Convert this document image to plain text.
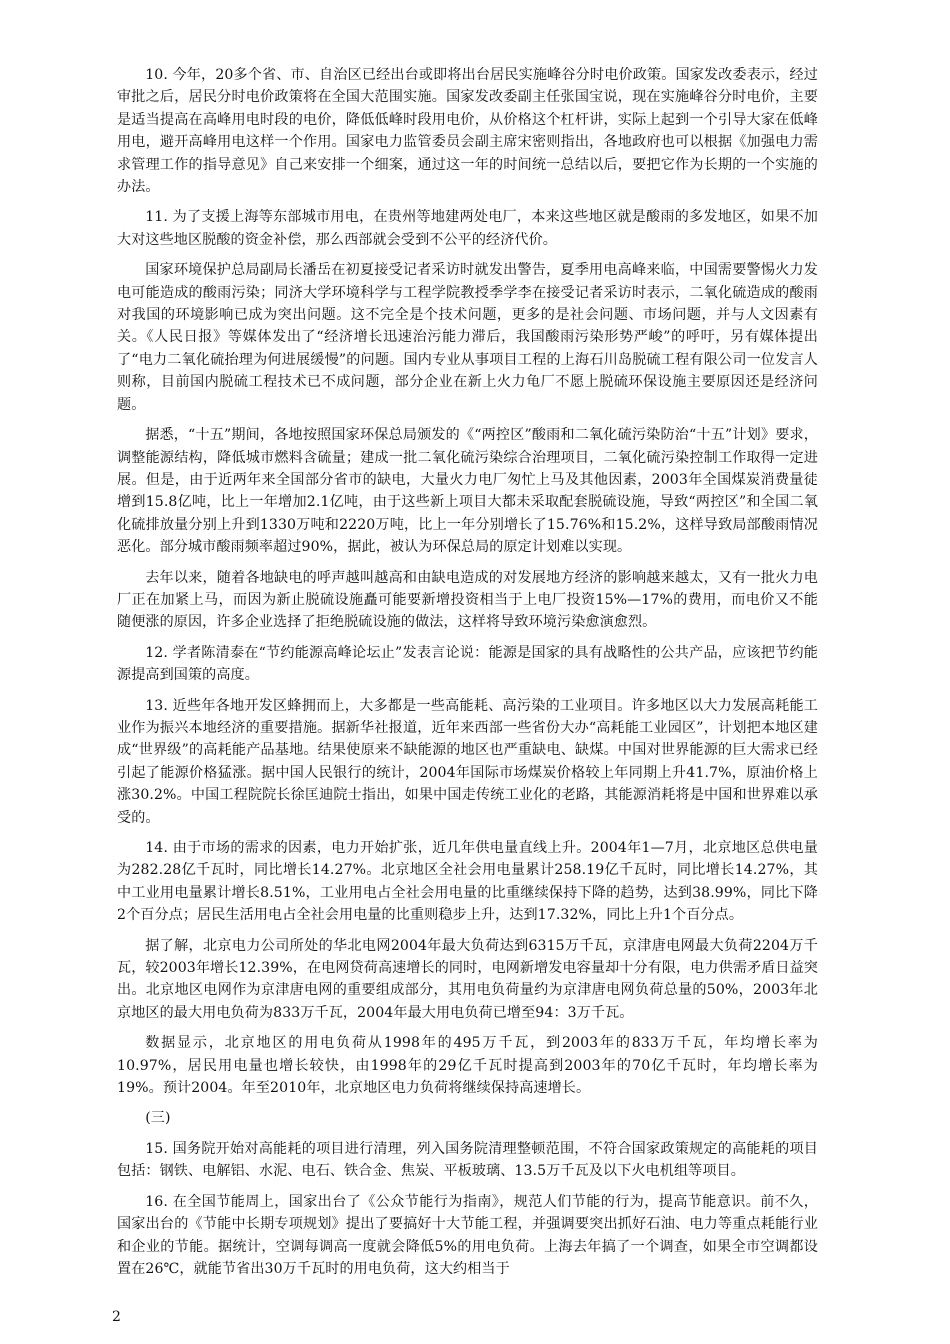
10. 今年，20多个省、市、自治区已经出台或即将出台居民实施峰谷分时电价政策。国家发改委表示，经过审批之后，居民分时电价政策将在全国大范围实施。国家发改委副主任张国宝说，现在实施峰谷分时电价，主要是适当提高在高峰用电时段的电价，降低低峰时段用电价，从价格这个杠杆讲，实际上起到一个引导大家在低峰用电，避开高峰用电这样一个作用。国家电力监管委员会副主席宋密则指出，各地政府也可以根据《加强电力需求管理工作的指导意见》自己来安排一个细案，通过这一年的时间统一总结以后，要把它作为长期的一个实施的办法。

11. 为了支援上海等东部城市用电，在贵州等地建两处电厂，本来这些地区就是酸雨的多发地区，如果不加大对这些地区脱酸的资金补偿，那么西部就会受到不公平的经济代价。

国家环境保护总局副局长潘岳在初夏接受记者采访时就发出警告，夏季用电高峰来临，中国需要警惕火力发电可能造成的酸雨污染；同济大学环境科学与工程学院教授季学李在接受记者采访时表示，二氧化硫造成的酸雨对我国的环境影响已成为突出问题。这不完全是个技术问题，更多的是社会问题、市场问题，并与人文因素有关。《人民日报》等媒体发出了“经济增长迅速治污能力滞后，我国酸雨污染形势严峻”的呼吁，另有媒体提出了“电力二氧化硫抬理为何进展缓慢”的问题。国内专业从事项目工程的上海石川岛脱硫工程有限公司一位发言人则称，目前国内脱硫工程技术已不成问题，部分企业在新上火力龟厂不愿上脱硫环保设施主要原因还是经济问题。

据悉，“十五”期间，各地按照国家环保总局颁发的《“两控区”酸雨和二氧化硫污染防治“十五”计划》要求，调整能源结构，降低城市燃料含硫量；建成一批二氧化硫污染综合治理项目，二氧化硫污染控制工作取得一定进展。但是，由于近两年来全国部分省市的缺电，大量火力电厂匆忙上马及其他因素，2003年全国煤炭消费量徒增到15.8亿吨，比上一年增加2.1亿吨，由于这些新上项目大都未采取配套脱硫设施，导致“两控区”和全国二氧化硫排放量分别上升到1330万吨和2220万吨，比上一年分别增长了15.76%和15.2%，这样导致局部酸雨情况恶化。部分城市酸雨频率超过90%，据此，被认为环保总局的原定计划难以实现。

去年以来，随着各地缺电的呼声越叫越高和由缺电造成的对发展地方经济的影响越来越太，又有一批火力电厂正在加紧上马，而因为新止脱硫设施矗可能要新增投资相当于上电厂投资15%—17%的费用，而电价又不能随便涨的原因，许多企业选择了拒绝脱硫设施的做法，这样将导致环境污染愈演愈烈。

12. 学者陈清泰在“节约能源高峰论坛止”发表言论说：能源是国家的具有战略性的公共产品，应该把节约能源提高到国策的高度。

13. 近些年各地开发区蜂拥而上，大多都是一些高能耗、高污染的工业项目。许多地区以大力发展高耗能工业作为振兴本地经济的重要措施。据新华社报道，近年来西部一些省份大办“高耗能工业园区”，计划把本地区建成“世界级”的高耗能产品基地。结果使原来不缺能源的地区也严重缺电、缺煤。中国对世界能源的巨大需求已经引起了能源价格猛涨。据中国人民银行的统计，2004年国际市场煤炭价格较上年同期上升41.7%，原油价格上涨30.2%。中国工程院院长徐匡迪院士指出，如果中国走传统工业化的老路，其能源消耗将是中国和世界难以承受的。

14. 由于市场的需求的因素，电力开始扩张，近几年供电量直线上升。2004年1—7月，北京地区总供电量为282.28亿千瓦时，同比增长14.27%。北京地区全社会用电量累计258.19亿千瓦时，同比增长14.27%，其中工业用电量累计增长8.51%，工业用电占全社会用电量的比重继续保持下降的趋势，达到38.99%，同比下降2个百分点；居民生活用电占全社会用电量的比重则稳步上升，达到17.32%，同比上升1个百分点。

据了解，北京电力公司所处的华北电网2004年最大负荷达到6315万千瓦，京津唐电网最大负荷2204万千瓦，较2003年增长12.39%，在电网贷荷高速增长的同时，电网新增发电容量却十分有限，电力供需矛盾日益突出。北京地区电网作为京津唐电网的重要组成部分，其用电负荷量约为京津唐电网负荷总量的50%，2003年北京地区的最大用电负荷为833万千瓦，2004年最大用电负荷已增至94：3万千瓦。

数据显示，北京地区的用电负荷从1998年的495万千瓦，到2003年的833万千瓦，年均增长率为10.97%，居民用电量也增长较快，由1998年的29亿千瓦时提高到2003年的70亿千瓦时，年均增长率为19%。预计2004。年至2010年，北京地区电力负荷将继续保持高速增长。

(三)

15. 国务院开始对高能耗的项目进行清理，列入国务院清理整顿范围，不符合国家政策规定的高能耗的项目包括：钢铁、电解铝、水泥、电石、铁合金、焦炭、平板玻璃、13.5万千瓦及以下火电机组等项目。

16. 在全国节能周上，国家出台了《公众节能行为指南》，规范人们节能的行为，提高节能意识。前不久，国家出台的《节能中长期专项规划》提出了要搞好十大节能工程，并强调要突出抓好石油、电力等重点耗能行业和企业的节能。据统计，空调每调高一度就会降低5%的用电负荷。上海去年搞了一个调查，如果全市空调都设置在26℃，就能节省出30万千瓦时的用电负荷，这大约相当于

2
